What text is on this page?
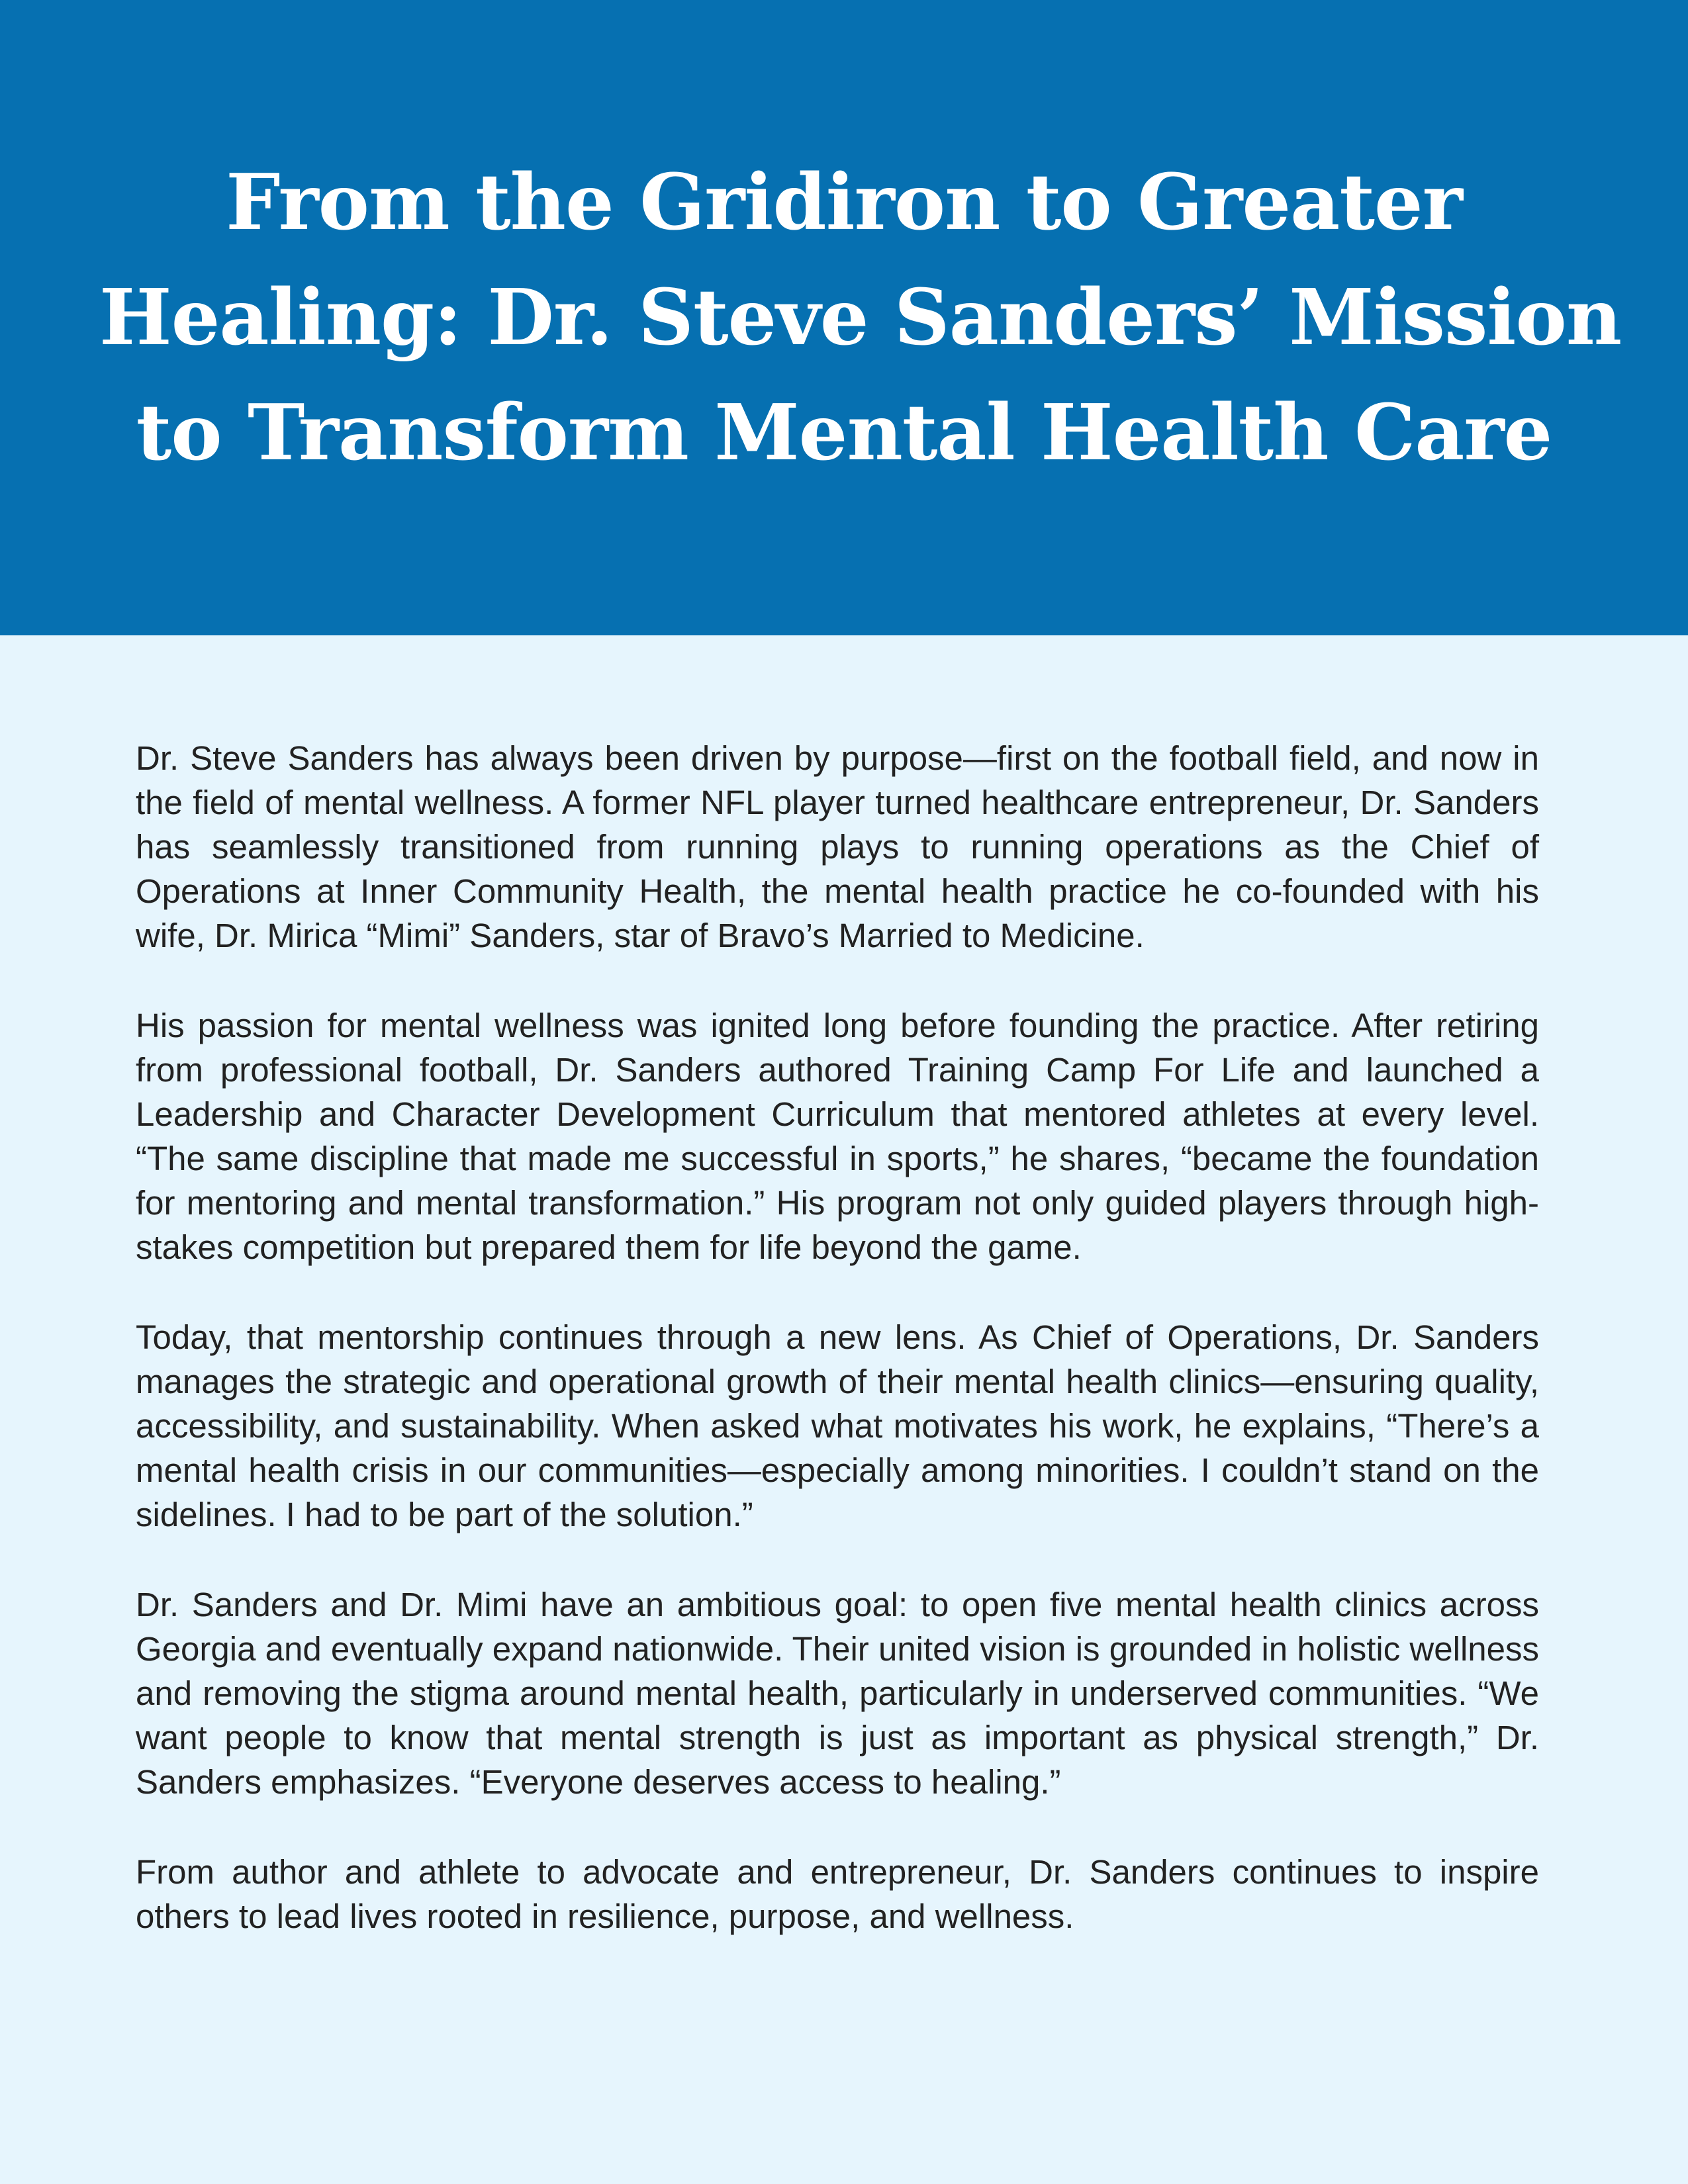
From the Gridiron to Greater
Healing: Dr. Steve Sanders’ Mission
to Transform Mental Health Care

Dr. Steve Sanders has always been driven by purpose—first on the football field, and now in the field of mental wellness. A former NFL player turned healthcare entrepreneur, Dr. Sanders has seamlessly transitioned from running plays to running operations as the Chief of Operations at Inner Community Health, the mental health practice he co-founded with his wife, Dr. Mirica “Mimi” Sanders, star of Bravo’s Married to Medicine.

His passion for mental wellness was ignited long before founding the practice. After retiring from professional football, Dr. Sanders authored Training Camp For Life and launched a Leadership and Character Development Curriculum that mentored athletes at every level. “The same discipline that made me successful in sports,” he shares, “became the foundation for mentoring and mental transformation.” His program not only guided players through high-stakes competition but prepared them for life beyond the game.

Today, that mentorship continues through a new lens. As Chief of Operations, Dr. Sanders manages the strategic and operational growth of their mental health clinics—ensuring quality, accessibility, and sustainability. When asked what motivates his work, he explains, “There’s a mental health crisis in our communities—especially among minorities. I couldn’t stand on the sidelines. I had to be part of the solution.”

Dr. Sanders and Dr. Mimi have an ambitious goal: to open five mental health clinics across Georgia and eventually expand nationwide. Their united vision is grounded in holistic wellness and removing the stigma around mental health, particularly in underserved communities. “We want people to know that mental strength is just as important as physical strength,” Dr. Sanders emphasizes. “Everyone deserves access to healing.”

From author and athlete to advocate and entrepreneur, Dr. Sanders continues to inspire others to lead lives rooted in resilience, purpose, and wellness.
